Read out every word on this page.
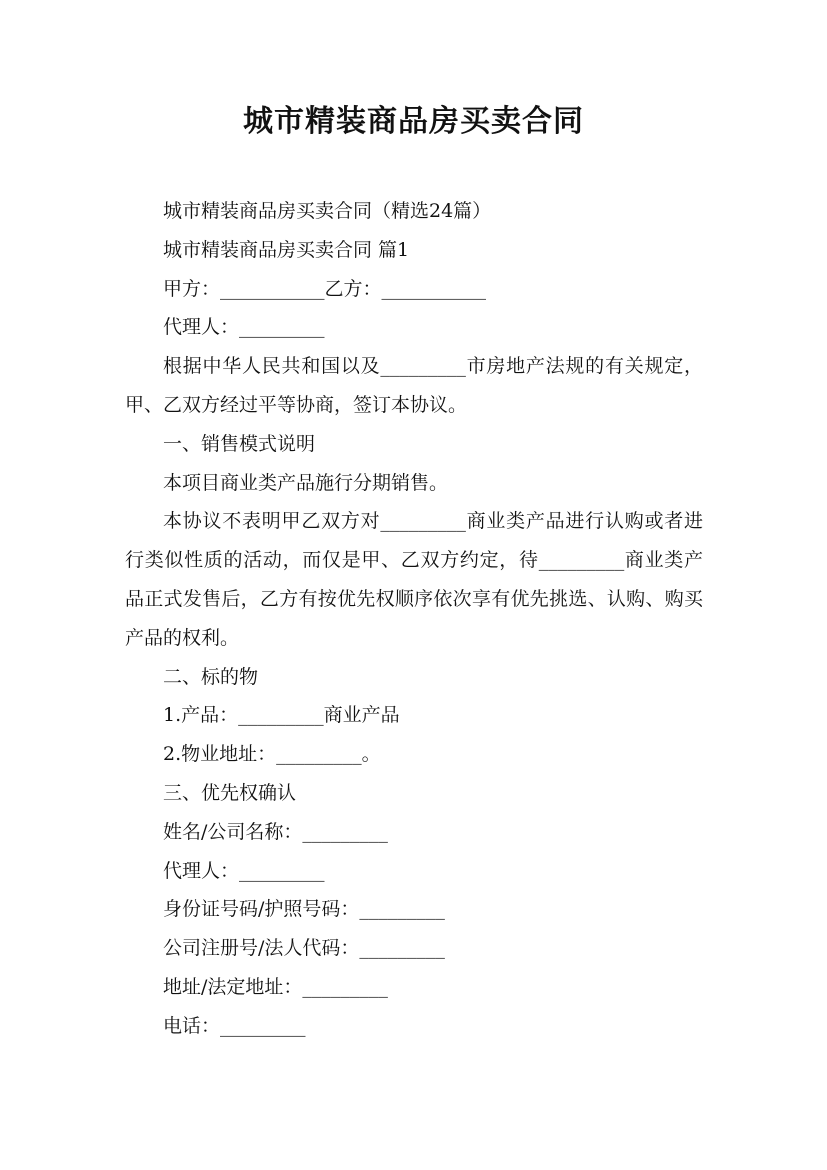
城市精装商品房买卖合同

城市精装商品房买卖合同（精选24篇）

城市精装商品房买卖合同 篇1

甲方：___________乙方：___________

代理人：_________

根据中华人民共和国以及_________市房地产法规的有关规定，甲、乙双方经过平等协商，签订本协议。

一、销售模式说明

本项目商业类产品施行分期销售。

本协议不表明甲乙双方对_________商业类产品进行认购或者进行类似性质的活动，而仅是甲、乙双方约定，待_________商业类产品正式发售后，乙方有按优先权顺序依次享有优先挑选、认购、购买产品的权利。

二、标的物

1.产品：_________商业产品

2.物业地址：_________。

三、优先权确认

姓名/公司名称：_________

代理人：_________

身份证号码/护照号码：_________

公司注册号/法人代码：_________

地址/法定地址：_________

电话：_________
